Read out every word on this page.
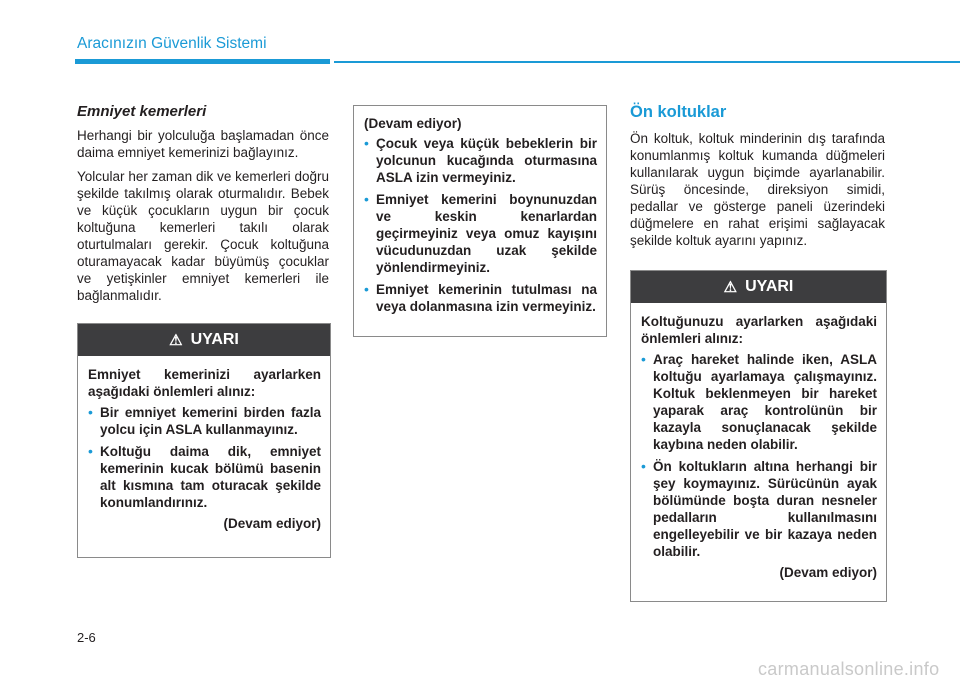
Aracınızın Güvenlik Sistemi

Emniyet kemerleri

Herhangi bir yolculuğa başlamadan önce daima emniyet kemerinizi bağlayınız.

Yolcular her zaman dik ve kemerleri doğru şekilde takılmış olarak oturmalıdır. Bebek ve küçük çocukların uygun bir çocuk koltuğuna kemerleri takılı olarak oturtulmaları gerekir. Çocuk koltuğuna oturamayacak kadar büyümüş çocuklar ve yetişkinler emniyet kemerleri ile bağlanmalıdır.

⚠ UYARI

Emniyet kemerinizi ayarlarken aşağıdaki önlemleri alınız:

• Bir emniyet kemerini birden fazla yolcu için ASLA kullanmayınız.
• Koltuğu daima dik, emniyet kemerinin kucak bölümü basenin alt kısmına tam oturacak şekilde konumlandırınız.
(Devam ediyor)

(Devam ediyor)

• Çocuk veya küçük bebeklerin bir yolcunun kucağında oturmasına ASLA izin vermeyiniz.
• Emniyet kemerini boynunuzdan ve keskin kenarlardan geçirmeyiniz veya omuz kayışını vücudunuzdan uzak şekilde yönlendirmeyiniz.
• Emniyet kemerinin tutulması na veya dolanmasına izin vermeyiniz.

Ön koltuklar

Ön koltuk, koltuk minderinin dış tarafında konumlanmış koltuk kumanda düğmeleri kullanılarak uygun biçimde ayarlanabilir. Sürüş öncesinde, direksiyon simidi, pedallar ve gösterge paneli üzerindeki düğmelere en rahat erişimi sağlayacak şekilde koltuk ayarını yapınız.

⚠ UYARI

Koltuğunuzu ayarlarken aşağıdaki önlemleri alınız:

• Araç hareket halinde iken, ASLA koltuğu ayarlamaya çalışmayınız. Koltuk beklenmeyen bir hareket yaparak araç kontrolünün bir kazayla sonuçlanacak şekilde kaybına neden olabilir.
• Ön koltukların altına herhangi bir şey koymayınız. Sürücünün ayak bölümünde boşta duran nesneler pedalların kullanılmasını engelleyebilir ve bir kazaya neden olabilir.
(Devam ediyor)
2-6
carmanualsonline.info
